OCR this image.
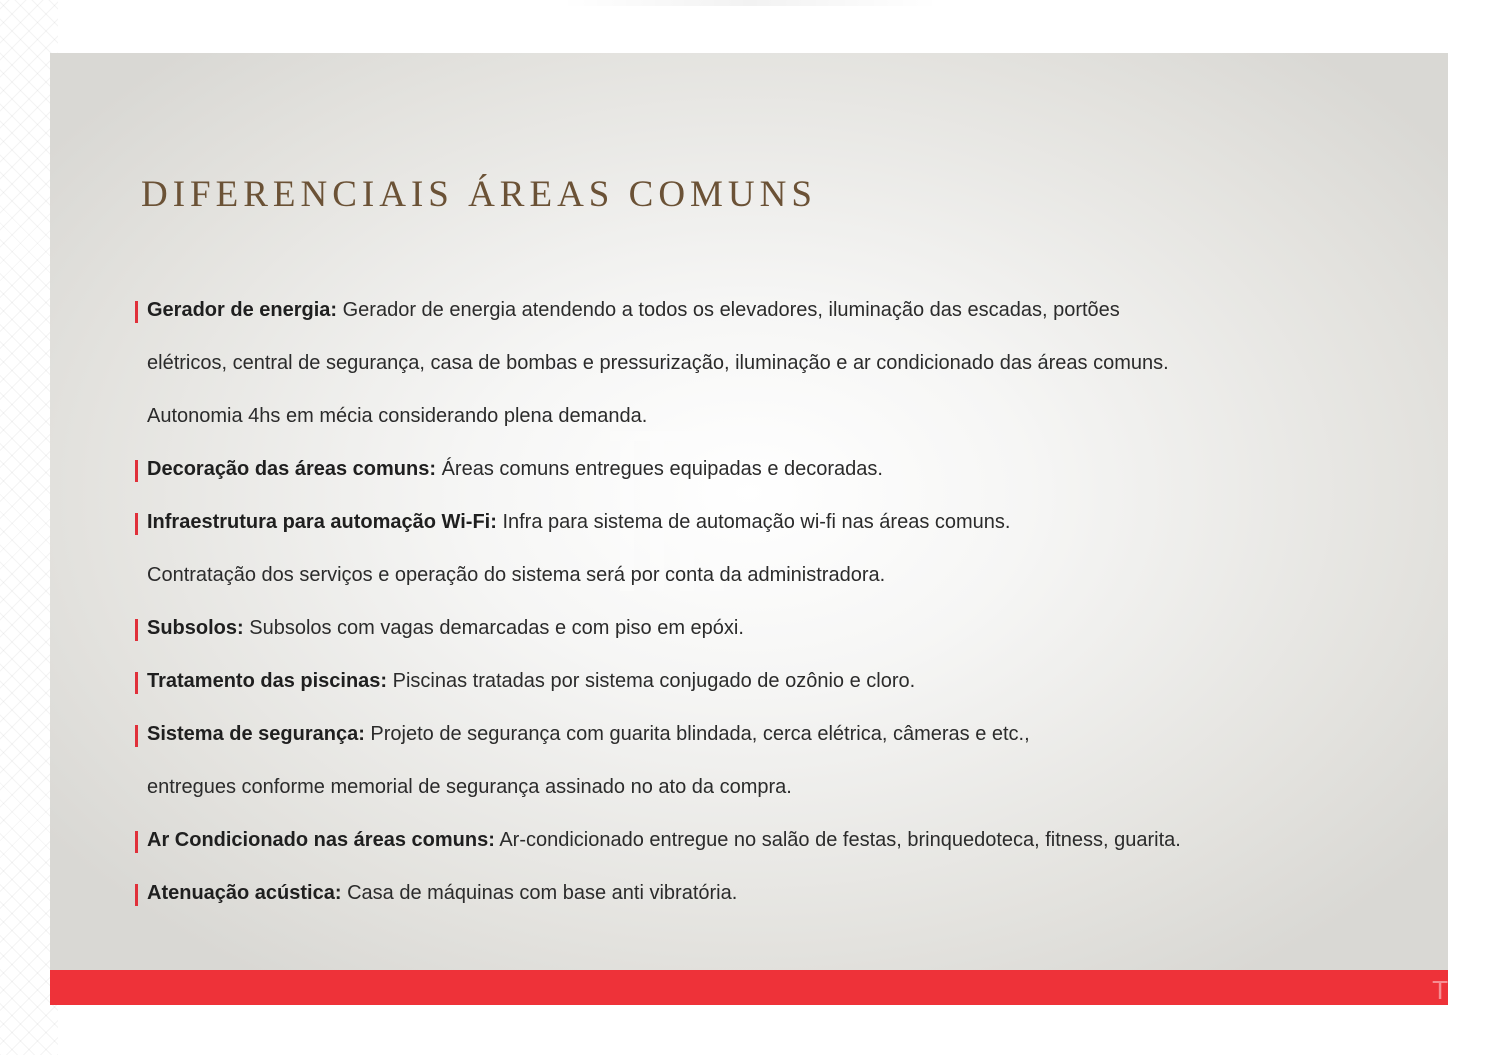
DIFERENCIAIS ÁREAS COMUNS
Gerador de energia: Gerador de energia atendendo a todos os elevadores, iluminação das escadas, portões
elétricos, central de segurança, casa de bombas e pressurização, iluminação e ar condicionado das áreas comuns.
Autonomia 4hs em mécia considerando plena demanda.
Decoração das áreas comuns: Áreas comuns entregues equipadas e decoradas.
Infraestrutura para automação Wi-Fi: Infra para sistema de automação wi-fi nas áreas comuns.
Contratação dos serviços e operação do sistema será por conta da administradora.
Subsolos: Subsolos com vagas demarcadas e com piso em epóxi.
Tratamento das piscinas: Piscinas tratadas por sistema conjugado de ozônio e cloro.
Sistema de segurança: Projeto de segurança com guarita blindada, cerca elétrica, câmeras e etc.,
entregues conforme memorial de segurança assinado no ato da compra.
Ar Condicionado nas áreas comuns: Ar-condicionado entregue no salão de festas, brinquedoteca, fitness, guarita.
Atenuação acústica: Casa de máquinas com base anti vibratória.
T
